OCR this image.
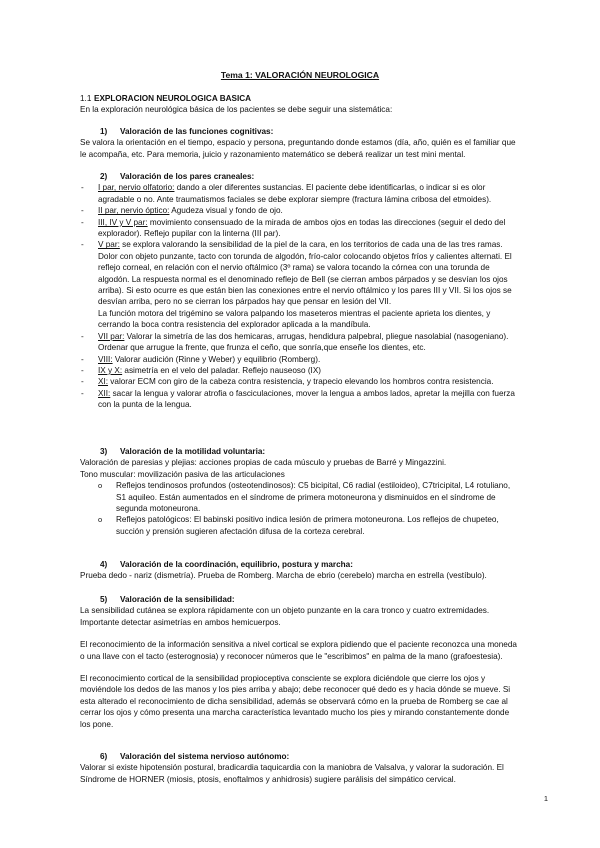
Tema 1: VALORACIÓN NEUROLOGICA
1.1 EXPLORACION NEUROLOGICA BASICA
En la exploración neurológica básica de los pacientes se debe seguir una sistemática:
1) Valoración de las funciones cognitivas:
Se valora la orientación en el tiempo, espacio y persona, preguntando donde estamos (día, año, quién es el familiar que le acompaña, etc. Para memoria, juicio y razonamiento matemático se deberá realizar un test mini mental.
2) Valoración de los pares craneales:
- I par, nervio olfatorio: dando a oler diferentes sustancias. El paciente debe identificarlas, o indicar si es olor agradable o no. Ante traumatismos faciales se debe explorar siempre (fractura lámina cribosa del etmoides).
- II par, nervio óptico: Agudeza visual y fondo de ojo.
- III, IV y V par: movimiento consensuado de la mirada de ambos ojos en todas las direcciones (seguir el dedo del explorador). Reflejo pupilar con la linterna (III par).
- V par: se explora valorando la sensibilidad de la piel de la cara, en los territorios de cada una de las tres ramas. Dolor con objeto punzante, tacto con torunda de algodón, frío-calor colocando objetos fríos y calientes alternati. El reflejo corneal, en relación con el nervio oftálmico (3º rama) se valora tocando la córnea con una torunda de algodón. La respuesta normal es el denominado reflejo de Bell (se cierran ambos párpados y se desvían los ojos arriba). Si esto ocurre es que están bien las conexiones entre el nervio oftálmico y los pares III y VII. Si los ojos se desvían arriba, pero no se cierran los párpados hay que pensar en lesión del VII.
La función motora del trigémino se valora palpando los maseteros mientras el paciente aprieta los dientes, y cerrando la boca contra resistencia del explorador aplicada a la mandíbula.
- VII par: Valorar la simetría de las dos hemicaras, arrugas, hendidura palpebral, pliegue nasolabial (nasogeniano). Ordenar que arrugue la frente, que frunza el ceño, que sonría,que enseñe los dientes, etc.
- VIII: Valorar audición (Rinne y Weber) y equilibrio (Romberg).
- IX y X: asimetría en el velo del paladar. Reflejo nauseoso (IX)
- XI: valorar ECM con giro de la cabeza contra resistencia, y trapecio elevando los hombros contra resistencia.
- XII: sacar la lengua y valorar atrofia o fasciculaciones, mover la lengua a ambos lados, apretar la mejilla con fuerza con la punta de la lengua.
3) Valoración de la motilidad voluntaria:
Valoración de paresias y plejias: acciones propias de cada músculo y pruebas de Barré y Mingazzini.
Tono muscular: movilización pasiva de las articulaciones
o Reflejos tendinosos profundos (osteotendinosos): C5 bicipital, C6 radial (estiloideo), C7tricipital, L4 rotuliano, S1 aquileo. Están aumentados en el síndrome de primera motoneurona y disminuidos en el síndrome de segunda motoneurona.
o Reflejos patológicos: El babinski positivo indica lesión de primera motoneurona. Los reflejos de chupeteo, succión y prensión sugieren afectación difusa de la corteza cerebral.
4) Valoración de la coordinación, equilibrio, postura y marcha:
Prueba dedo - nariz (dismetría). Prueba de Romberg. Marcha de ebrio (cerebelo) marcha en estrella (vestíbulo).
5) Valoración de la sensibilidad:
La sensibilidad cutánea se explora rápidamente con un objeto punzante en la cara tronco y cuatro extremidades. Importante detectar asimetrías en ambos hemicuerpos.
El reconocimiento de la información sensitiva a nivel cortical se explora pidiendo que el paciente reconozca una moneda o una llave con el tacto (esterognosia) y reconocer números que le "escribimos" en palma de la mano (grafoestesia).
El reconocimiento cortical de la sensibilidad propioceptiva consciente se explora diciéndole que cierre los ojos y moviéndole los dedos de las manos y los pies arriba y abajo; debe reconocer qué dedo es y hacia dónde se mueve. Si esta alterado el reconocimiento de dicha sensibilidad, además se observará cómo en la prueba de Romberg se cae al cerrar los ojos y cómo presenta una marcha característica levantado mucho los pies y mirando constantemente donde los pone.
6) Valoración del sistema nervioso autónomo:
Valorar si existe hipotensión postural, bradicardia taquicardia con la maniobra de Valsalva, y valorar la sudoración. El Síndrome de HORNER (miosis, ptosis, enoftalmos y anhidrosis) sugiere parálisis del simpático cervical.
1
